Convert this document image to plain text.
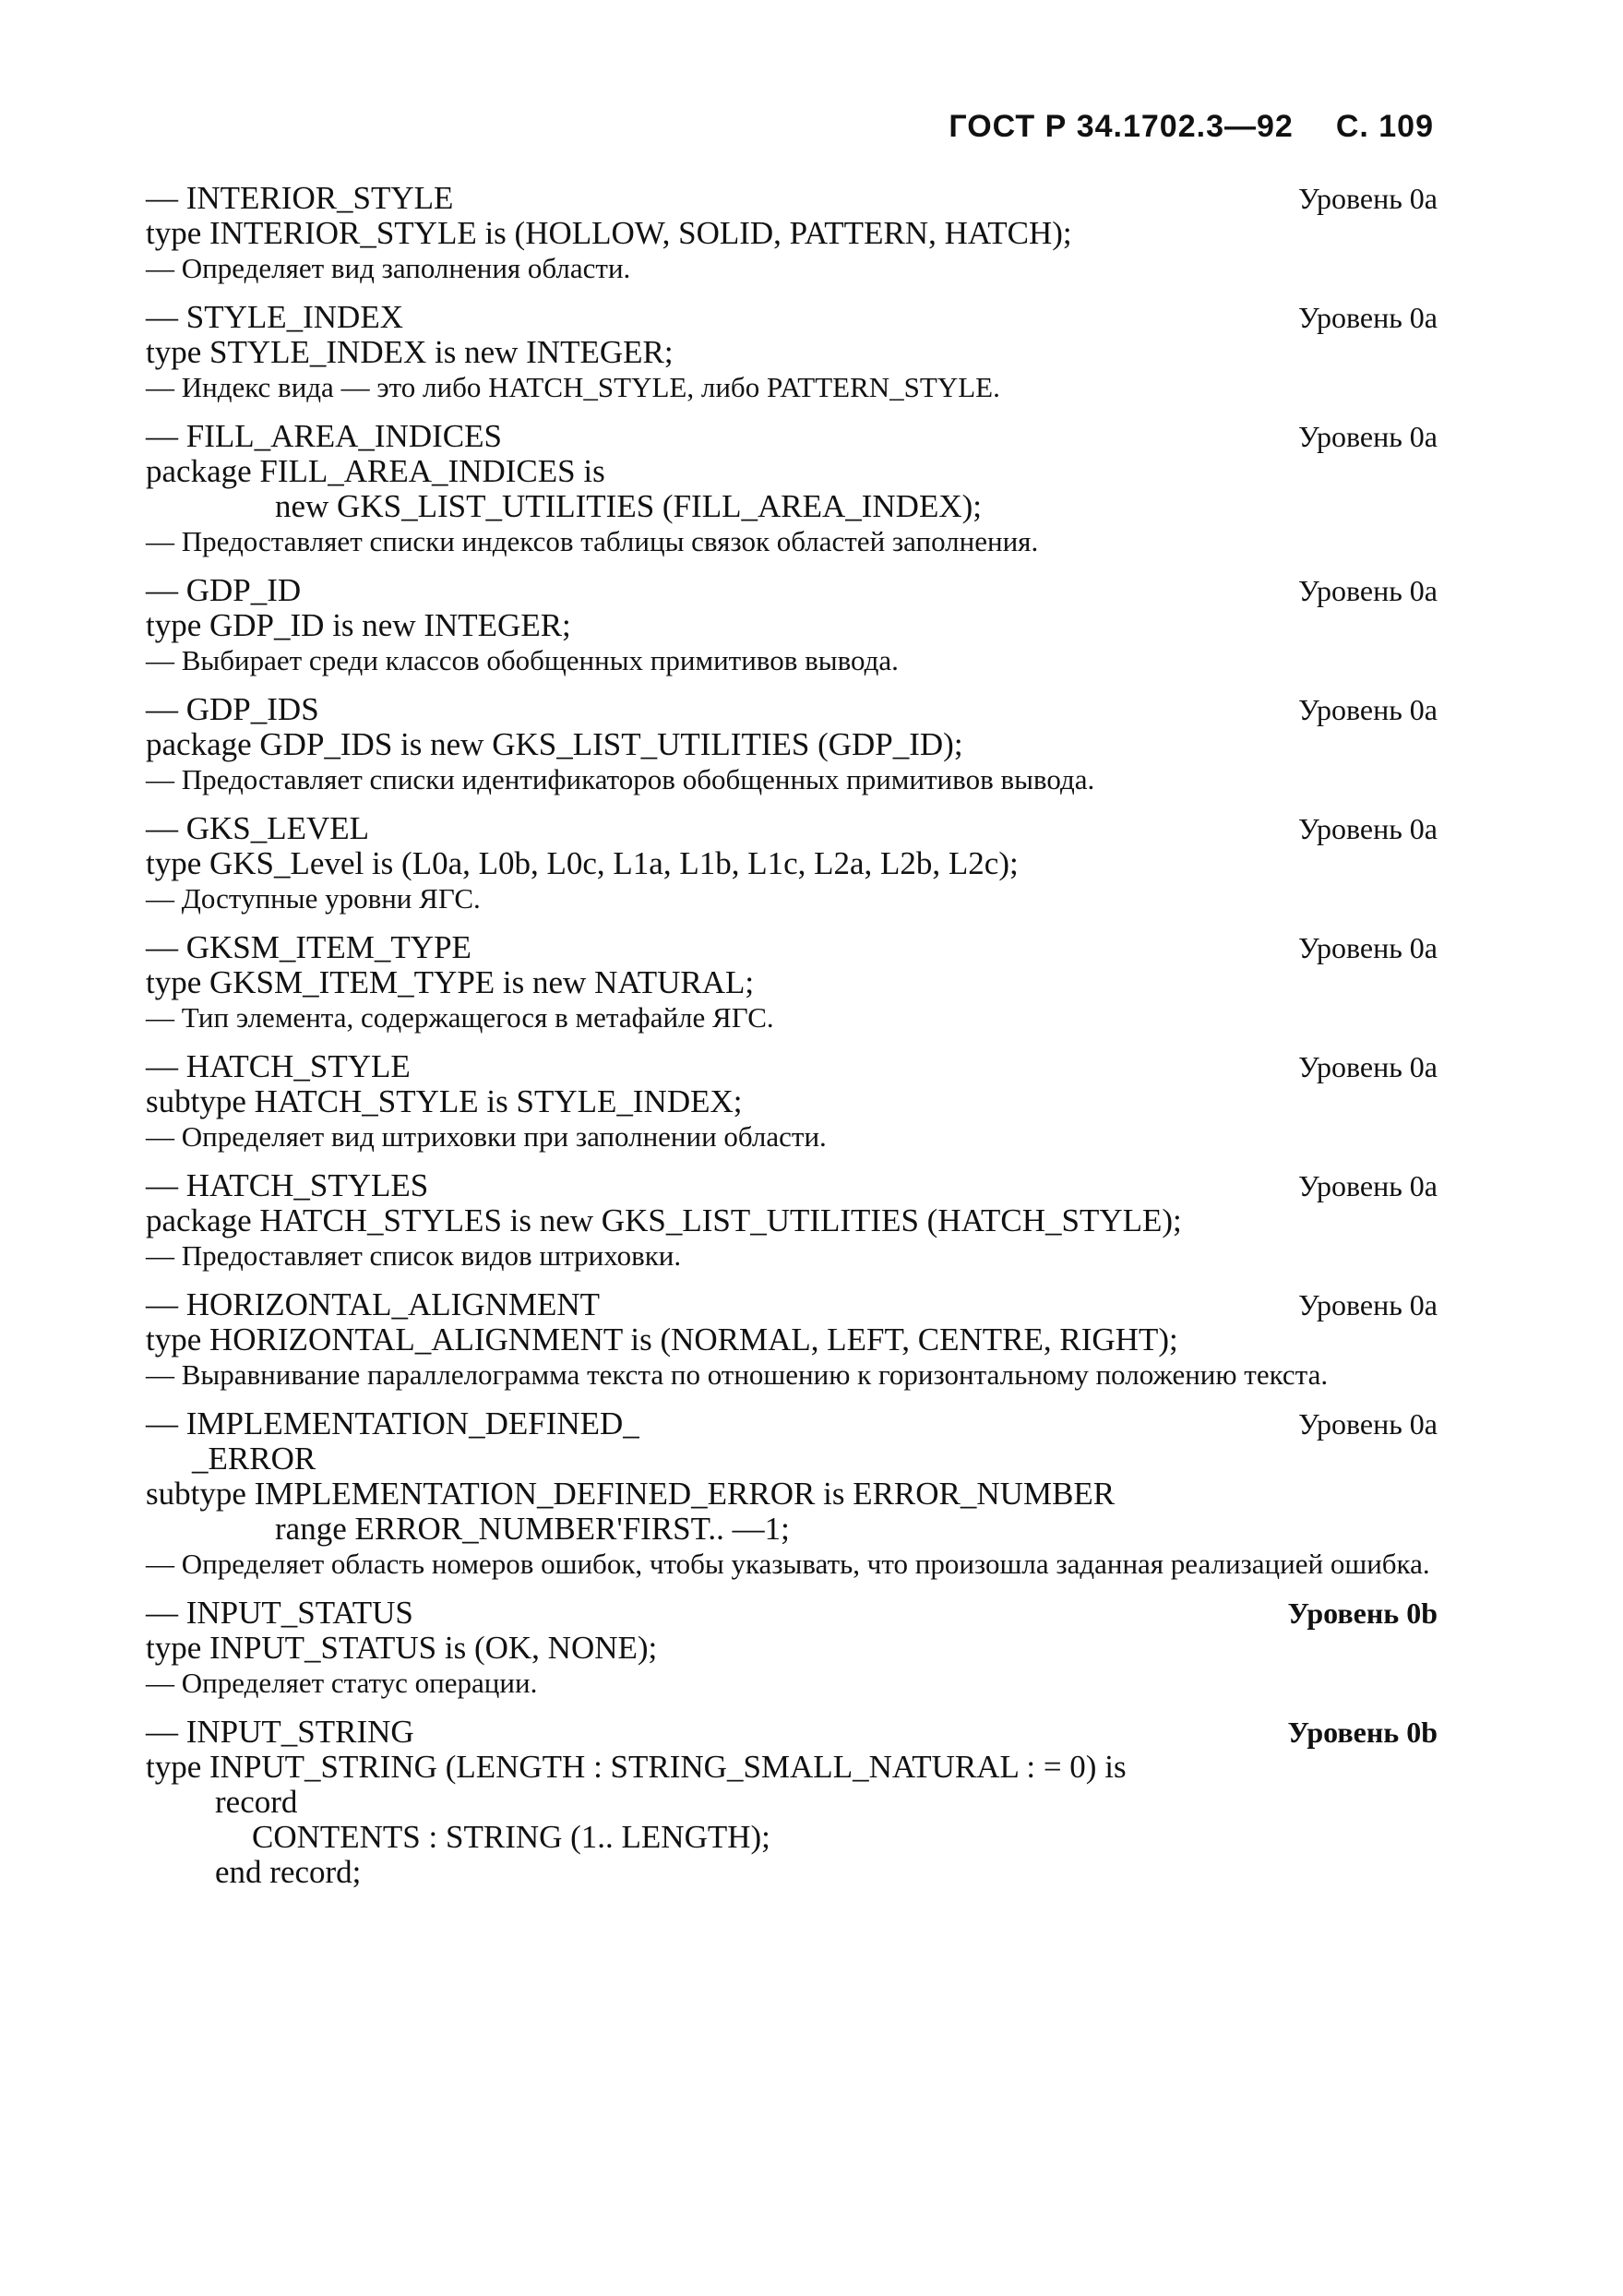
ГОСТ Р 34.1702.3—92 С. 109
— INTERIOR_STYLE	Уровень 0а
type INTERIOR_STYLE is (HOLLOW, SOLID, PATTERN, HATCH);
— Определяет вид заполнения области.
— STYLE_INDEX	Уровень 0а
type STYLE_INDEX is new INTEGER;
— Индекс вида — это либо HATCH_STYLE, либо PATTERN_STYLE.
— FILL_AREA_INDICES	Уровень 0а
package FILL_AREA_INDICES is
new GKS_LIST_UTILITIES (FILL_AREA_INDEX);
— Предоставляет списки индексов таблицы связок областей заполнения.
— GDP_ID	Уровень 0а
type GDP_ID is new INTEGER;
— Выбирает среди классов обобщенных примитивов вывода.
— GDP_IDS	Уровень 0а
package GDP_IDS is new GKS_LIST_UTILITIES (GDP_ID);
— Предоставляет списки идентификаторов обобщенных примитивов вывода.
— GKS_LEVEL	Уровень 0а
type GKS_Level is (L0a, L0b, L0c, L1a, L1b, L1c, L2a, L2b, L2c);
— Доступные уровни ЯГС.
— GKSM_ITEM_TYPE	Уровень 0а
type GKSM_ITEM_TYPE is new NATURAL;
— Тип элемента, содержащегося в метафайле ЯГС.
— HATCH_STYLE	Уровень 0а
subtype HATCH_STYLE is STYLE_INDEX;
— Определяет вид штриховки при заполнении области.
— HATCH_STYLES	Уровень 0а
package HATCH_STYLES is new GKS_LIST_UTILITIES (HATCH_STYLE);
— Предоставляет список видов штриховки.
— HORIZONTAL_ALIGNMENT	Уровень 0а
type HORIZONTAL_ALIGNMENT is (NORMAL, LEFT, CENTRE, RIGHT);
— Выравнивание параллелограмма текста по отношению к горизонтальному положению текста.
— IMPLEMENTATION_DEFINED_	Уровень 0а
_ERROR
subtype IMPLEMENTATION_DEFINED_ERROR is ERROR_NUMBER
range ERROR_NUMBER'FIRST.. —1;
— Определяет область номеров ошибок, чтобы указывать, что произошла заданная реализацией ошибка.
— INPUT_STATUS	Уровень 0b
type INPUT_STATUS is (OK, NONE);
— Определяет статус операции.
— INPUT_STRING	Уровень 0b
type INPUT_STRING (LENGTH : STRING_SMALL_NATURAL : = 0) is
record
CONTENTS : STRING (1.. LENGTH);
end record;
